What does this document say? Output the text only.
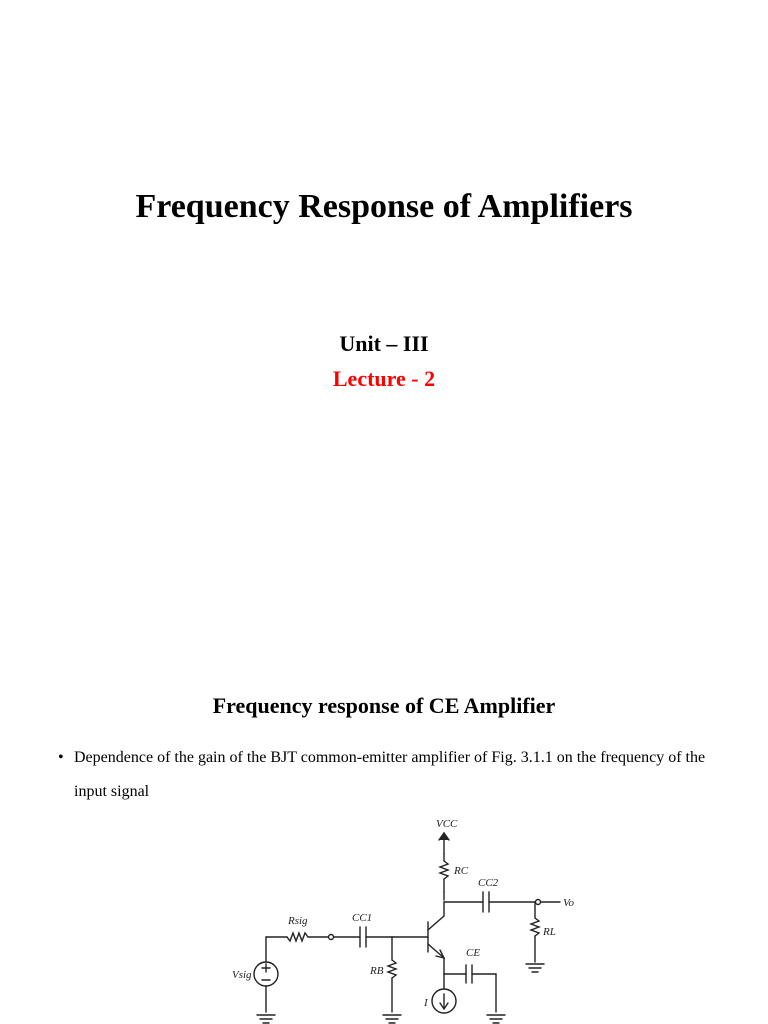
Frequency Response of Amplifiers
Unit – III
Lecture - 2
Frequency response of CE Amplifier
• Dependence of the gain of the BJT common-emitter amplifier of Fig. 3.1.1 on the frequency of the input signal
VCC
RC
CC2
Vo
Rsig	CC1
CE
RL
Vsig	RB
I
